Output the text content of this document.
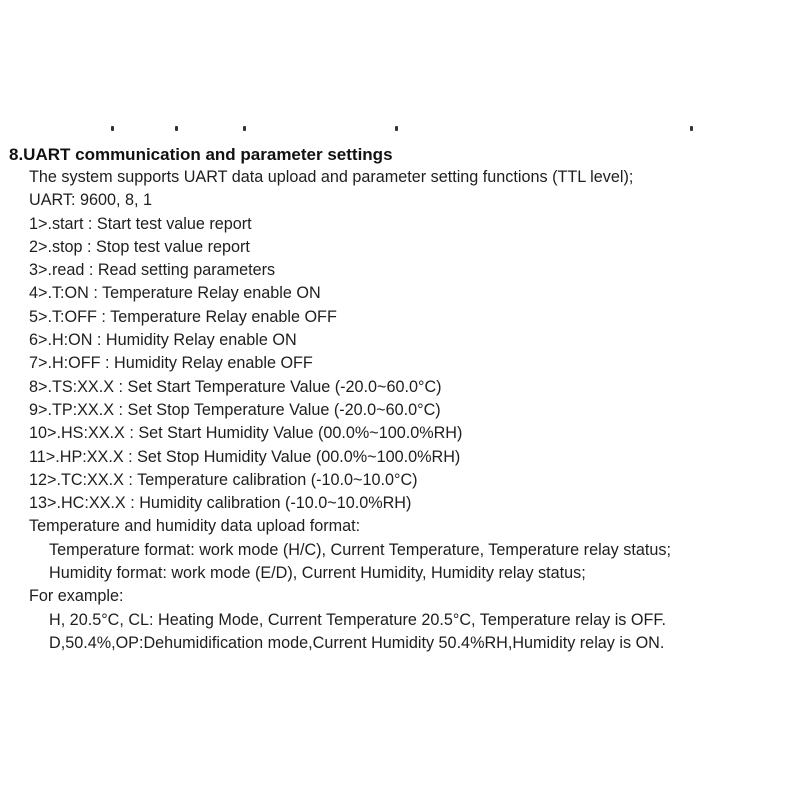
8.UART communication and parameter settings
The system supports UART data upload and parameter setting functions (TTL level);
UART: 9600, 8, 1
1>.start : Start test value report
2>.stop : Stop test value report
3>.read : Read setting parameters
4>.T:ON : Temperature Relay enable ON
5>.T:OFF : Temperature Relay enable OFF
6>.H:ON : Humidity Relay enable ON
7>.H:OFF : Humidity Relay enable OFF
8>.TS:XX.X : Set Start Temperature Value (-20.0~60.0°C)
9>.TP:XX.X : Set Stop Temperature Value (-20.0~60.0°C)
10>.HS:XX.X : Set Start Humidity Value (00.0%~100.0%RH)
11>.HP:XX.X : Set Stop Humidity Value (00.0%~100.0%RH)
12>.TC:XX.X : Temperature calibration (-10.0~10.0°C)
13>.HC:XX.X : Humidity calibration (-10.0~10.0%RH)
Temperature and humidity data upload format:
Temperature format: work mode (H/C), Current Temperature, Temperature relay status;
Humidity format: work mode (E/D), Current Humidity, Humidity relay status;
For example:
H, 20.5°C, CL: Heating Mode, Current Temperature 20.5°C, Temperature relay is OFF.
D,50.4%,OP:Dehumidification mode,Current Humidity 50.4%RH,Humidity relay is ON.
